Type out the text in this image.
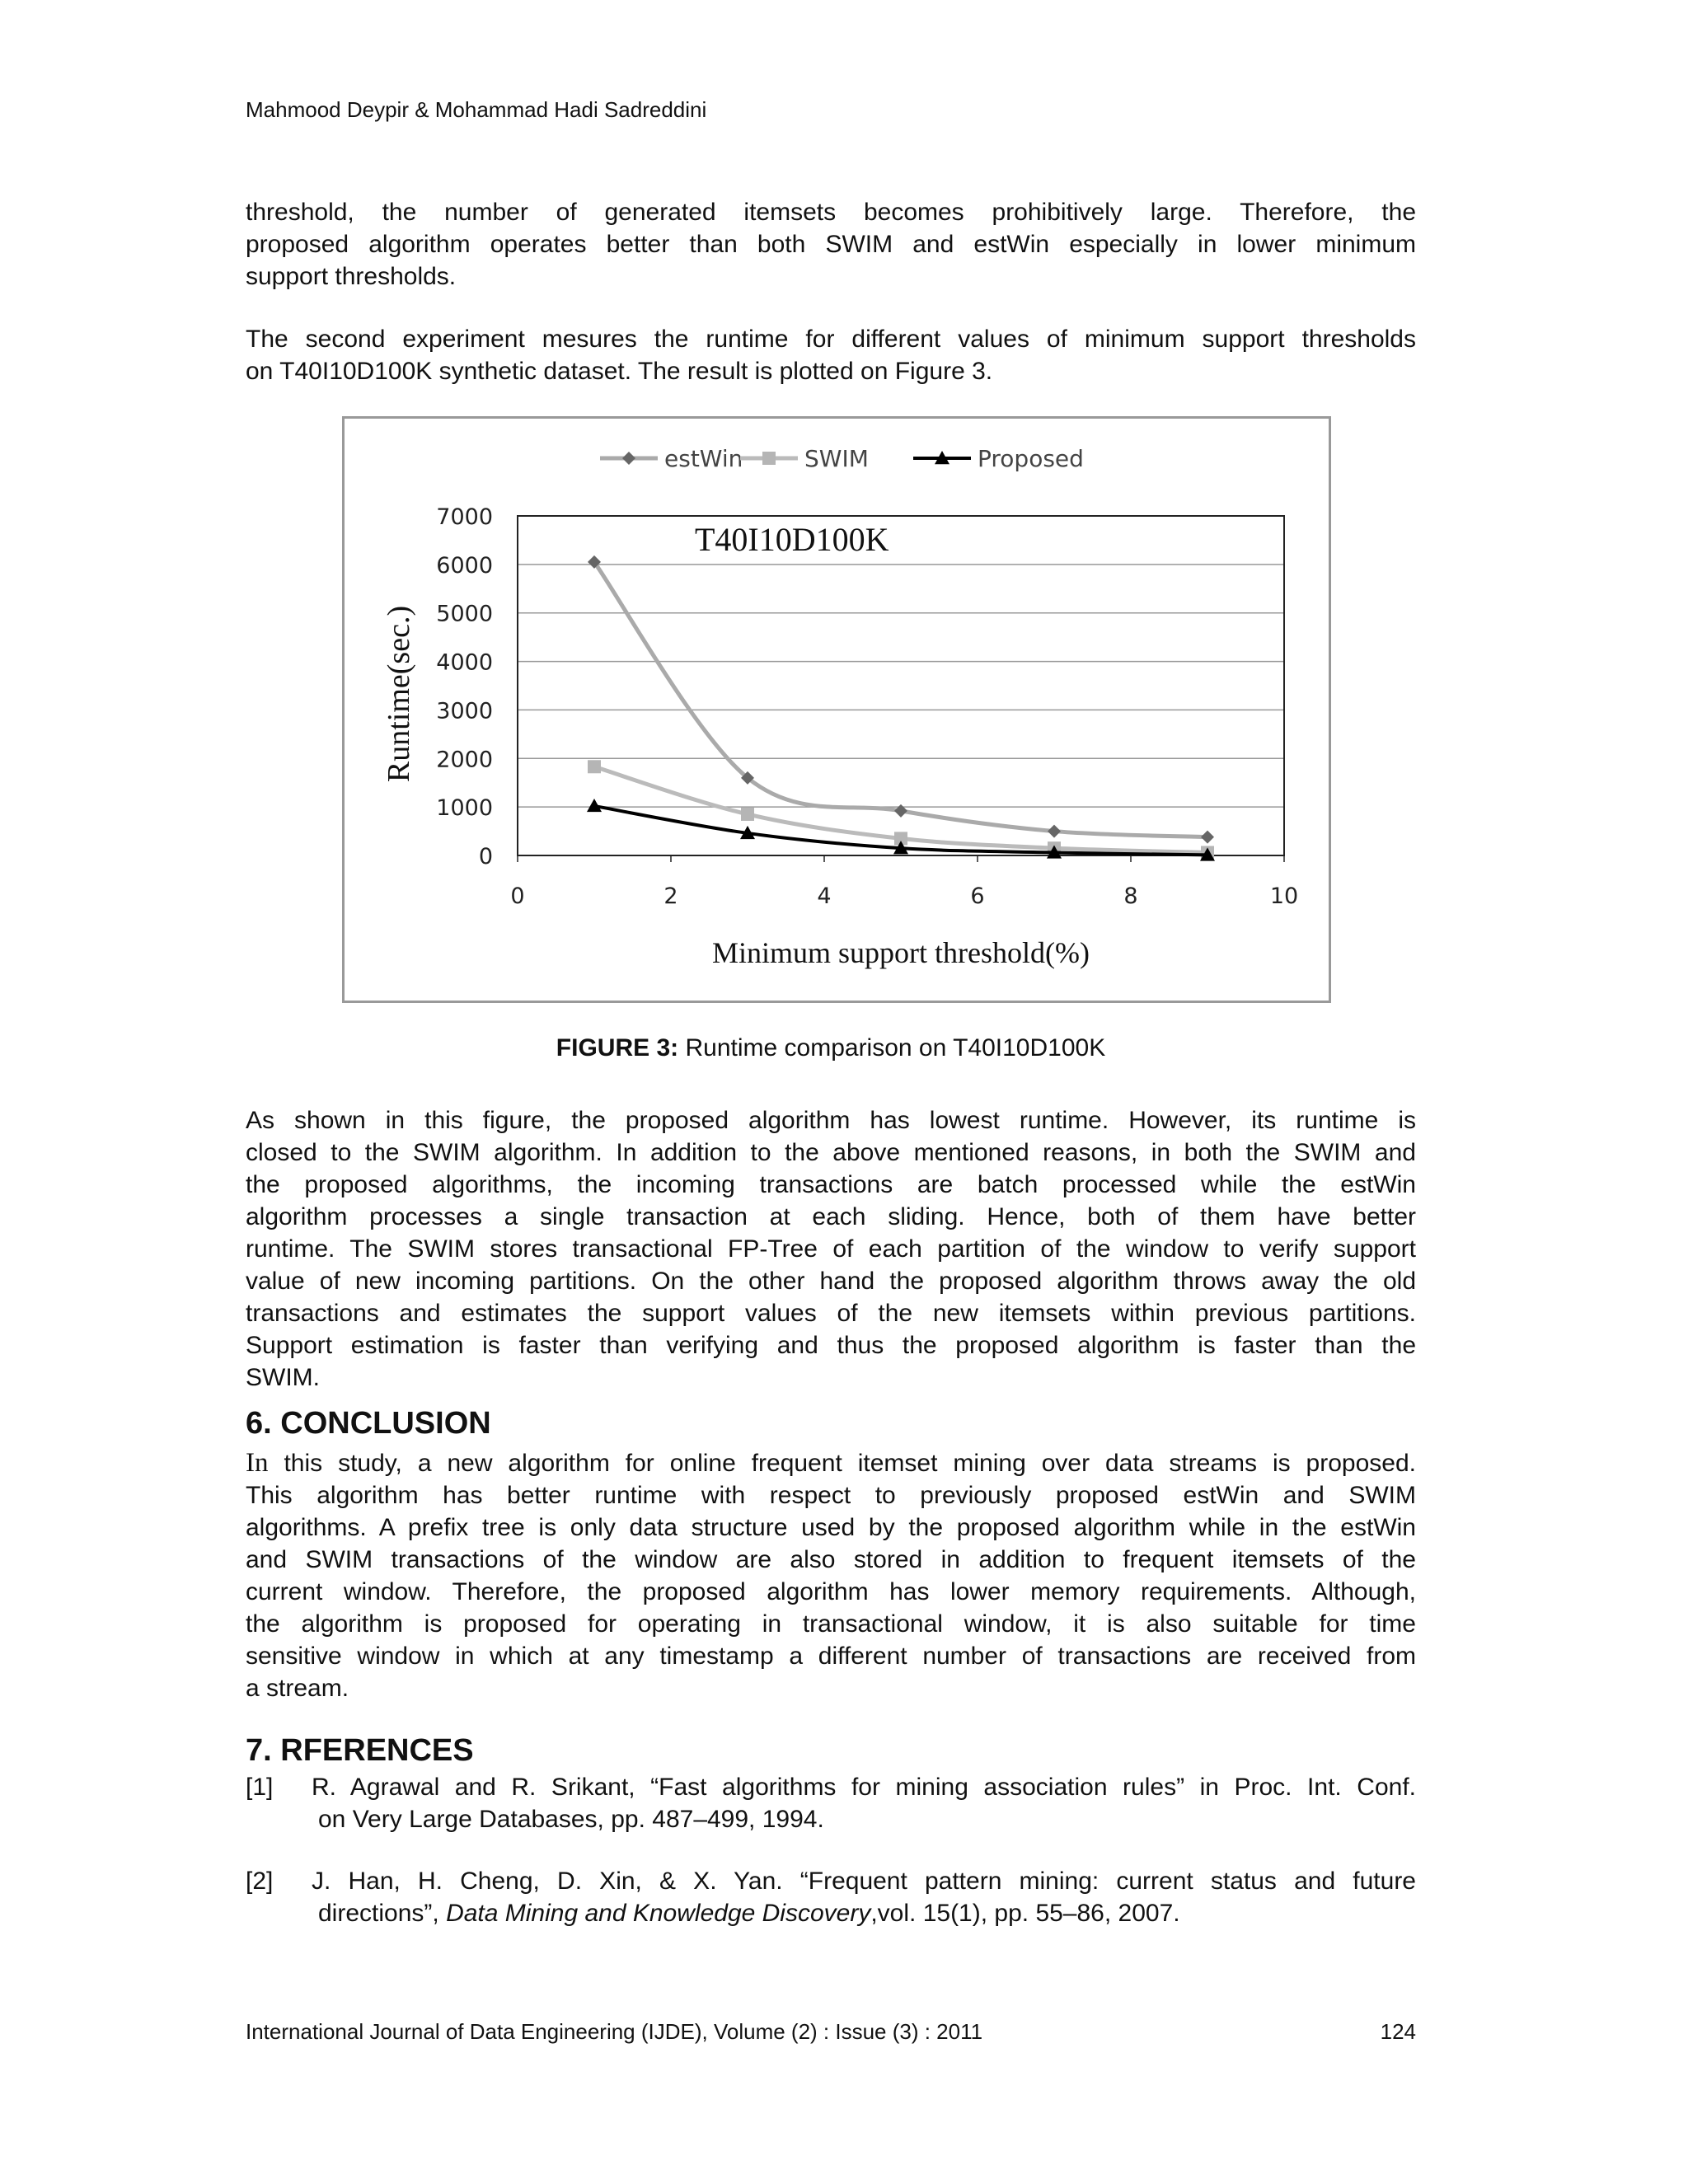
Mahmood Deypir & Mohammad Hadi Sadreddini
threshold, the number of generated itemsets becomes prohibitively large. Therefore, the
proposed algorithm operates better than both SWIM and estWin especially in lower minimum
support thresholds.
The second experiment mesures the runtime for different values of minimum support thresholds
on T40I10D100K synthetic dataset. The result is plotted on Figure 3.
0
1000
2000
3000
4000
5000
6000
7000
0	2	4	6	8	10
T40I10D100K
Minimum support threshold(%)
Runtime(sec.)
estWin	SWIM	Proposed
FIGURE 3: Runtime comparison on T40I10D100K
As shown in this figure, the proposed algorithm has lowest runtime. However, its runtime is
closed to the SWIM algorithm. In addition to the above mentioned reasons, in both the SWIM and
the proposed algorithms, the incoming transactions are batch processed while the estWin
algorithm processes a single transaction at each sliding. Hence, both of them have better
runtime. The SWIM stores transactional FP-Tree of each partition of the window to verify support
value of new incoming partitions. On the other hand the proposed algorithm throws away the old
transactions and estimates the support values of the new itemsets within previous partitions.
Support estimation is faster than verifying and thus the proposed algorithm is faster than the
SWIM.
6. CONCLUSION
In this study, a new algorithm for online frequent itemset mining over data streams is proposed.
This algorithm has better runtime with respect to previously proposed estWin and SWIM
algorithms. A prefix tree is only data structure used by the proposed algorithm while in the estWin
and SWIM transactions of the window are also stored in addition to frequent itemsets of the
current window. Therefore, the proposed algorithm has lower memory requirements. Although,
the algorithm is proposed for operating in transactional window, it is also suitable for time
sensitive window in which at any timestamp a different number of transactions are received from
a stream.
7. RFERENCES
[1] R. Agrawal and R. Srikant, “Fast algorithms for mining association rules” in Proc. Int. Conf.
on Very Large Databases, pp. 487–499, 1994.
[2] J. Han, H. Cheng, D. Xin, & X. Yan. “Frequent pattern mining: current status and future
directions”, Data Mining and Knowledge Discovery,vol. 15(1), pp. 55–86, 2007.
International Journal of Data Engineering (IJDE), Volume (2) : Issue (3) : 2011	124
